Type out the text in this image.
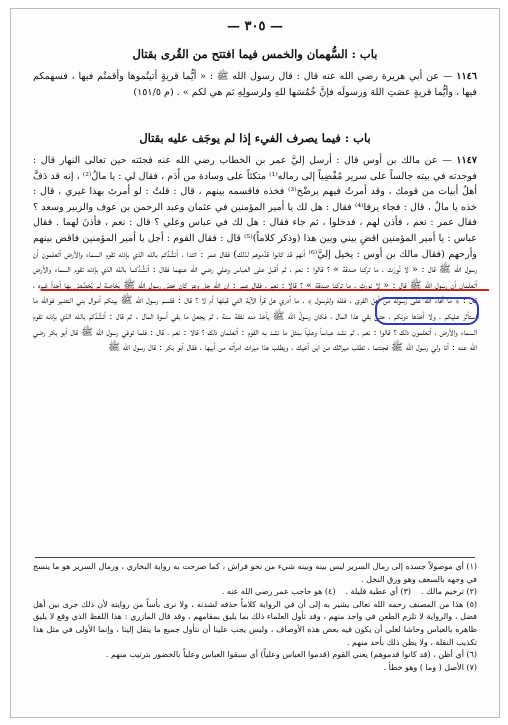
— ٣٠٥ —
باب : السُّهمان والخمس فيما افتتح من القُرى بقتال

١١٤٦ — عن أبي هريرة رضي الله عنه قال : قال رسول الله ﷺ : « أيُّما قريةٍ أتيتُموها وأقمتُم فيها ، فسهمكم فيها ، وأيُّما قريةٍ عصَتِ اللهَ ورسولَه فإنَّ خُمُسَها للهِ ولرسولِهِ ثم هي لكم » . (م ١٥١/٥)

باب : فيما يصرف الفيء إذا لم يوجَف عليه بقتال

١١٤٧ — عن مالك بن أوس قال : أرسل إليَّ عمر بن الخطاب رضي الله عنه فجئته حين تعالى النهار قال : فوجدته في بيته جالساً على سرير مُفْضِياً إلى رماله⁽¹⁾ متكئاً على وسادة من أَدَم ، فقال لي : يا مالُ⁽²⁾ ، إنه قد دَفَّ أهلُ أبيات من قومك ، وقد أمرتُ فيهم برضْخ⁽³⁾ فخذه فاقسمه بينهم ، قال : قلتُ : لو أمرتَ بهذا غيري ، قال : خذه يا مالُ ، قال : فجاء يرفا⁽⁴⁾ فقال : هل لك يا أمير المؤمنين في عثمان وعبد الرحمن بن عوف والزبير وسعد ؟ فقال عمر : نعم ، فأذن لهم ، فدخلوا ، ثم جاء فقال : هل لك في عباس وعلي ؟ قال : نعم ، فأذنَ لهما . فقال عباس : يا أمير المؤمنين اقضِ بيني وبين هذا (وذكر كلاماً)⁽⁵⁾ قال : فقال القوم : أجل يا أمير المؤمنين فاقض بينهم وأرحهم (فقال مالك بن أوس : يخيل إليَّ⁽⁶⁾ أنهم قد كانوا قدَّموهم لذلك) فقال عمر : اتئدا ، أنشُدُكم بالله الذي بإذنه تقوم السماء والأرض أتعلمون أن رسول الله ﷺ قال : « لا نُورَث ، ما تركنا صدقة » ؟ قالوا : نعم ، ثم أقبل على العباس وعلي رضي الله عنهما فقال : أنشُدُكما بالله الذي بإذنه تقوم السماء والأرض أتعلمان أن رسول الله ﷺ قال : « لا نورث ، ما تركنا صدقة » ؟ قالا : نعم ، فقال عمر : إن الله جل وعز كان خصّ رسول الله ﷺ بخاصة لم يُخصِّصْ بها أحداً غيره ، قال : ﴿ ما أفاء اللهُ على رسوله من أهل القرى ، فلله وللرسول ﴾ ، ما أدري هل قرأ الآية التي قبلها أم لا ؟ قال : فقسم رسول الله ﷺ بينكم أموال بني النضير فوالله ما استأثر عليكم ، ولا أخذها دونكم ، حتى بقي هذا المال ، فكان رسولُ الله ﷺ يأخذ منه نفقة سنة ، ثم يجعل ما بقي أسوة المال . ثم قال : أنشُدُكم بالله الذي بإذنه تقوم السماء والأرض ، أتعلمون ذلك ؟ قالوا : نعم ، ثم نشد عباساً وعلياً بمثل ما نشد به القوم : أتعلمان ذلك ؟ قالا : نعم ، قال : فلما توفي رسول الله ﷺ قال أبو بكر رضي الله عنه : أنا ولي رسول الله ﷺ فجئتما ، تطلب ميراثك من ابن أخيك ، ويطلب هذا ميراث امرأته من أبيها ، فقال أبو بكر : قال رسول الله ﷺ

(١) أي موصولاً جسده إلى رمال السرير ليس بينه وبينه شيء من نحو فراش ، كما صرحت به رواية البخاري ، ورمال السرير هو ما ينسج في وجهه بالسعف وهو ورق النخل .

(٢) ترخيم مالك .
(٣) أي عطية قليلة .
(٤) هو حاجب عمر رضي الله عنه .

(٥) هذا من المصنف رحمه الله تعالى يشير به إلى أن في الرواية كلاماً حذفه لشدته ، ولا نرى بأساً من روايته لأن ذلك جرى بين أهل فضل ، والرواية لا تلزم الطعن في واحد منهم ، وقد تأول العلماء ذلك بما يليق بمقامهم ، وقد قال المازري : هذا اللفظ الذي وقع لا يليق ظاهره بالعباس وحاشا لعلي أن يكون فيه بعض هذه الأوصاف ، وليس يجب علينا أن نتأول جميع ما ينقل إلينا ، وإنما الأولى في مثل هذا تكذيب النقلة ، ولا يظن ذلك بأحد منهم .

(٦) أي أظن ، (قد كانوا قدموهم) يعني القوم (قدموا العباس وعلياً) أي سبقوا العباس وعلياً بالحضور بترتيب منهم .

(٧) الأصل ( وما ) وهو خطأ .
